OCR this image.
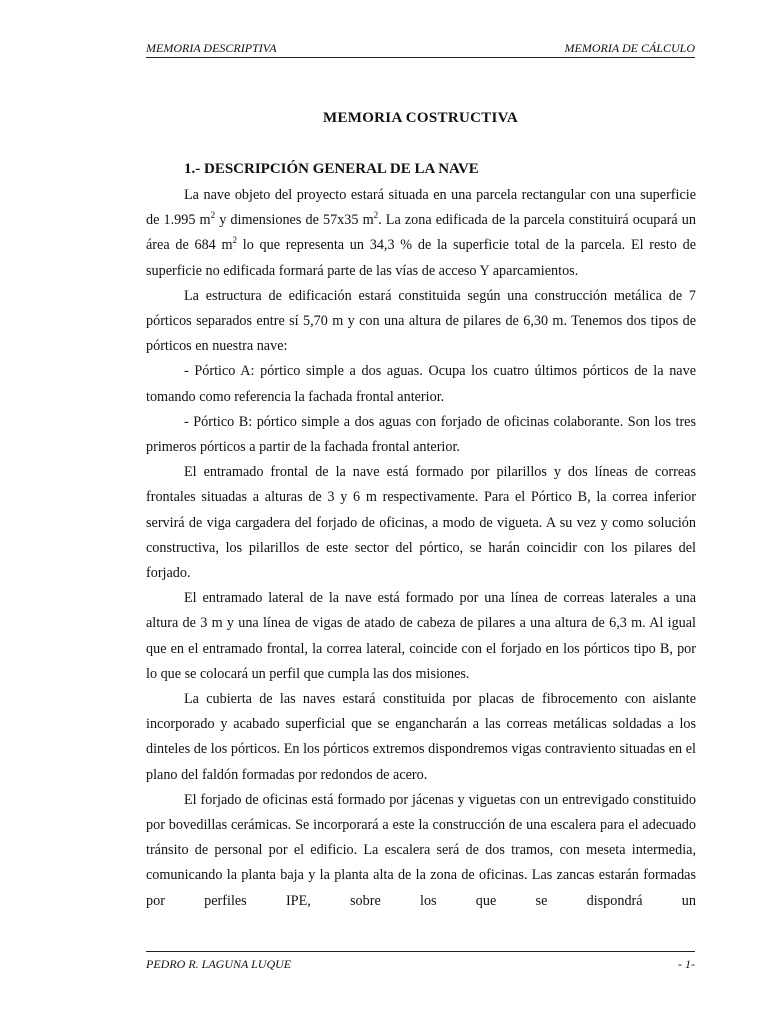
MEMORIA DESCRIPTIVA	MEMORIA DE CÁLCULO
MEMORIA COSTRUCTIVA
1.- DESCRIPCIÓN GENERAL DE LA NAVE

La nave objeto del proyecto estará situada en una parcela rectangular con una superficie de 1.995 $m^2$ y dimensiones de 57x35 $m^2$. La zona edificada de la parcela constituirá ocupará un área de 684 $m^2$ lo que representa un 34,3 % de la superficie total de la parcela. El resto de superficie no edificada formará parte de las vías de acceso Y aparcamientos.

La estructura de edificación estará constituida según una construcción metálica de 7 pórticos separados entre sí 5,70 m y con una altura de pilares de 6,30 m. Tenemos dos tipos de pórticos en nuestra nave:

- Pórtico A: pórtico simple a dos aguas. Ocupa los cuatro últimos pórticos de la nave tomando como referencia la fachada frontal anterior.

- Pórtico B: pórtico simple a dos aguas con forjado de oficinas colaborante. Son los tres primeros pórticos a partir de la fachada frontal anterior.

El entramado frontal de la nave está formado por pilarillos y dos líneas de correas frontales situadas a alturas de 3 y 6 m respectivamente. Para el Pórtico B, la correa inferior servirá de viga cargadera del forjado de oficinas, a modo de vigueta. A su vez y como solución constructiva, los pilarillos de este sector del pórtico, se harán coincidir con los pilares del forjado.

El entramado lateral de la nave está formado por una línea de correas laterales a una altura de 3 m y una línea de vigas de atado de cabeza de pilares a una altura de 6,3 m. Al igual que en el entramado frontal, la correa lateral, coincide con el forjado en los pórticos tipo B, por lo que se colocará un perfil que cumpla las dos misiones.

La cubierta de las naves estará constituida por placas de fibrocemento con aislante incorporado y acabado superficial que se engancharán a las correas metálicas soldadas a los dinteles de los pórticos. En los pórticos extremos dispondremos vigas contraviento situadas en el plano del faldón formadas por redondos de acero.

El forjado de oficinas está formado por jácenas y viguetas con un entrevigado constituido por bovedillas cerámicas. Se incorporará a este la construcción de una escalera para el adecuado tránsito de personal por el edificio. La escalera será de dos tramos, con meseta intermedia, comunicando la planta baja y la planta alta de la zona de oficinas. Las zancas estarán formadas por perfiles IPE, sobre los que se dispondrá un

PEDRO R. LAGUNA LUQUE	- 1-
